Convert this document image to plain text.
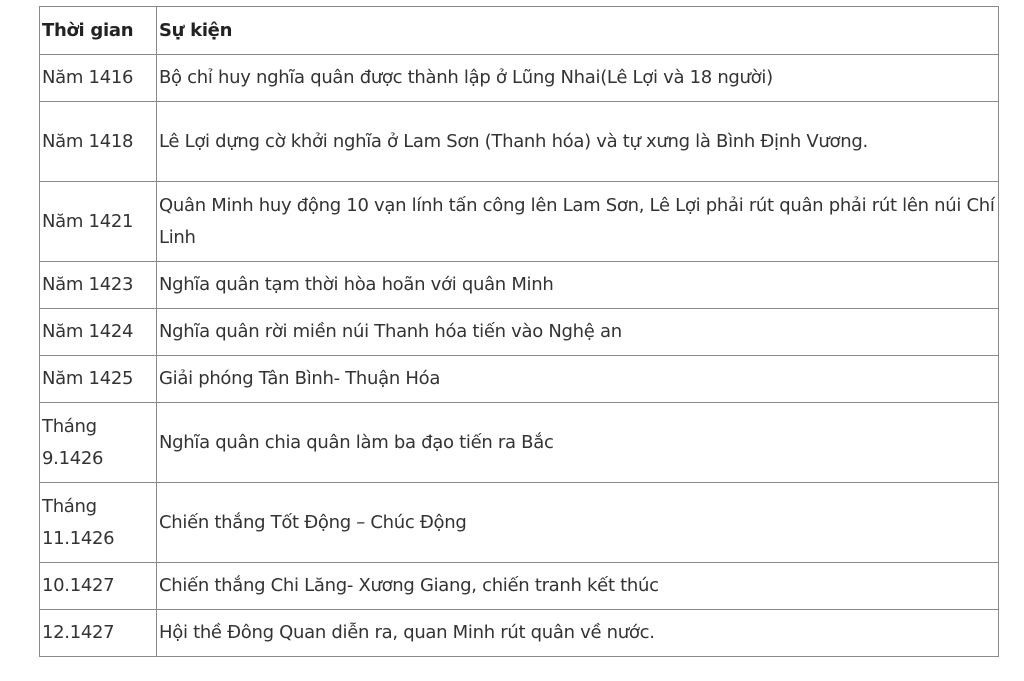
Thời gian	Sự kiện
Năm 1416	Bộ chỉ huy nghĩa quân được thành lập ở Lũng Nhai(Lê Lợi và 18 người)
Năm 1418	Lê Lợi dựng cờ khởi nghĩa ở Lam Sơn (Thanh hóa) và tự xưng là Bình Định Vương.
Năm 1421	Quân Minh huy động 10 vạn lính tấn công lên Lam Sơn, Lê Lợi phải rút quân phải rút lên núi Chí Linh
Năm 1423	Nghĩa quân tạm thời hòa hoãn với quân Minh
Năm 1424	Nghĩa quân rời miền núi Thanh hóa tiến vào Nghệ an
Năm 1425	Giải phóng Tân Bình- Thuận Hóa
Tháng 9.1426	Nghĩa quân chia quân làm ba đạo tiến ra Bắc
Tháng 11.1426	Chiến thắng Tốt Động – Chúc Động
10.1427	Chiến thắng Chi Lăng- Xương Giang, chiến tranh kết thúc
12.1427	Hội thề Đông Quan diễn ra, quan Minh rút quân về nước.
